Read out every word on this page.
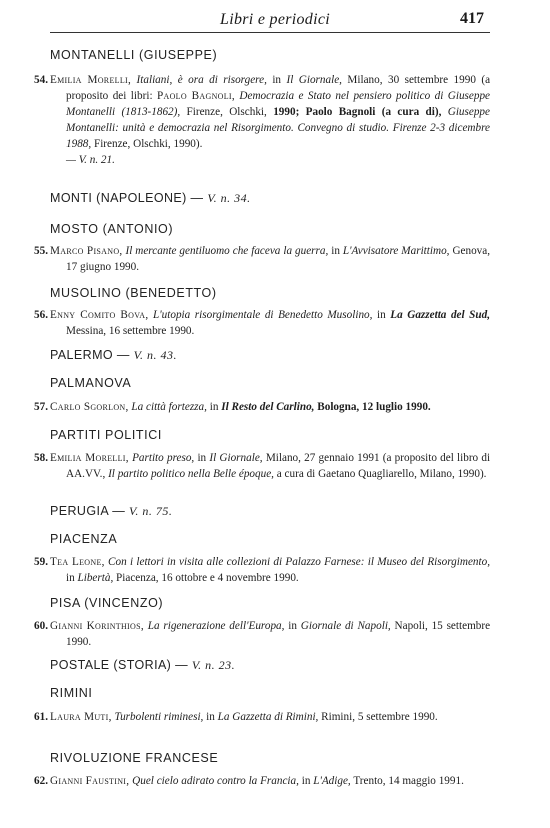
Libri e periodici	417
MONTANELLI (GIUSEPPE)
54. Emilia Morelli, Italiani, è ora di risorgere, in Il Giornale, Milano, 30 settembre 1990 (a proposito dei libri: Paolo Bagnoli, Democrazia e Stato nel pensiero politico di Giuseppe Montanelli (1813-1862), Firenze, Olschki, 1990; Paolo Bagnoli (a cura di), Giuseppe Montanelli: unità e democrazia nel Risorgimento. Convegno di studio. Firenze 2-3 dicembre 1988, Firenze, Olschki, 1990).
— V. n. 21.
MONTI (NAPOLEONE) — V. n. 34.
MOSTO (ANTONIO)
55. Marco Pisano, Il mercante gentiluomo che faceva la guerra, in L'Avvisatore Marittimo, Genova, 17 giugno 1990.
MUSOLINO (BENEDETTO)
56. Enny Comito Bova, L'utopia risorgimentale di Benedetto Musolino, in La Gazzetta del Sud, Messina, 16 settembre 1990.
PALERMO — V. n. 43.
PALMANOVA
57. Carlo Sgorlon, La città fortezza, in Il Resto del Carlino, Bologna, 12 luglio 1990.
PARTITI POLITICI
58. Emilia Morelli, Partito preso, in Il Giornale, Milano, 27 gennaio 1991 (a proposito del libro di AA.VV., Il partito politico nella Belle époque, a cura di Gaetano Quagliarello, Milano, 1990).
PERUGIA — V. n. 75.
PIACENZA
59. Tea Leone, Con i lettori in visita alle collezioni di Palazzo Farnese: il Museo del Risorgimento, in Libertà, Piacenza, 16 ottobre e 4 novembre 1990.
PISA (VINCENZO)
60. Gianni Korinthios, La rigenerazione dell'Europa, in Giornale di Napoli, Napoli, 15 settembre 1990.
POSTALE (STORIA) — V. n. 23.
RIMINI
61. Laura Muti, Turbolenti riminesi, in La Gazzetta di Rimini, Rimini, 5 settembre 1990.
RIVOLUZIONE FRANCESE
62. Gianni Faustini, Quel cielo adirato contro la Francia, in L'Adige, Trento, 14 maggio 1991.
